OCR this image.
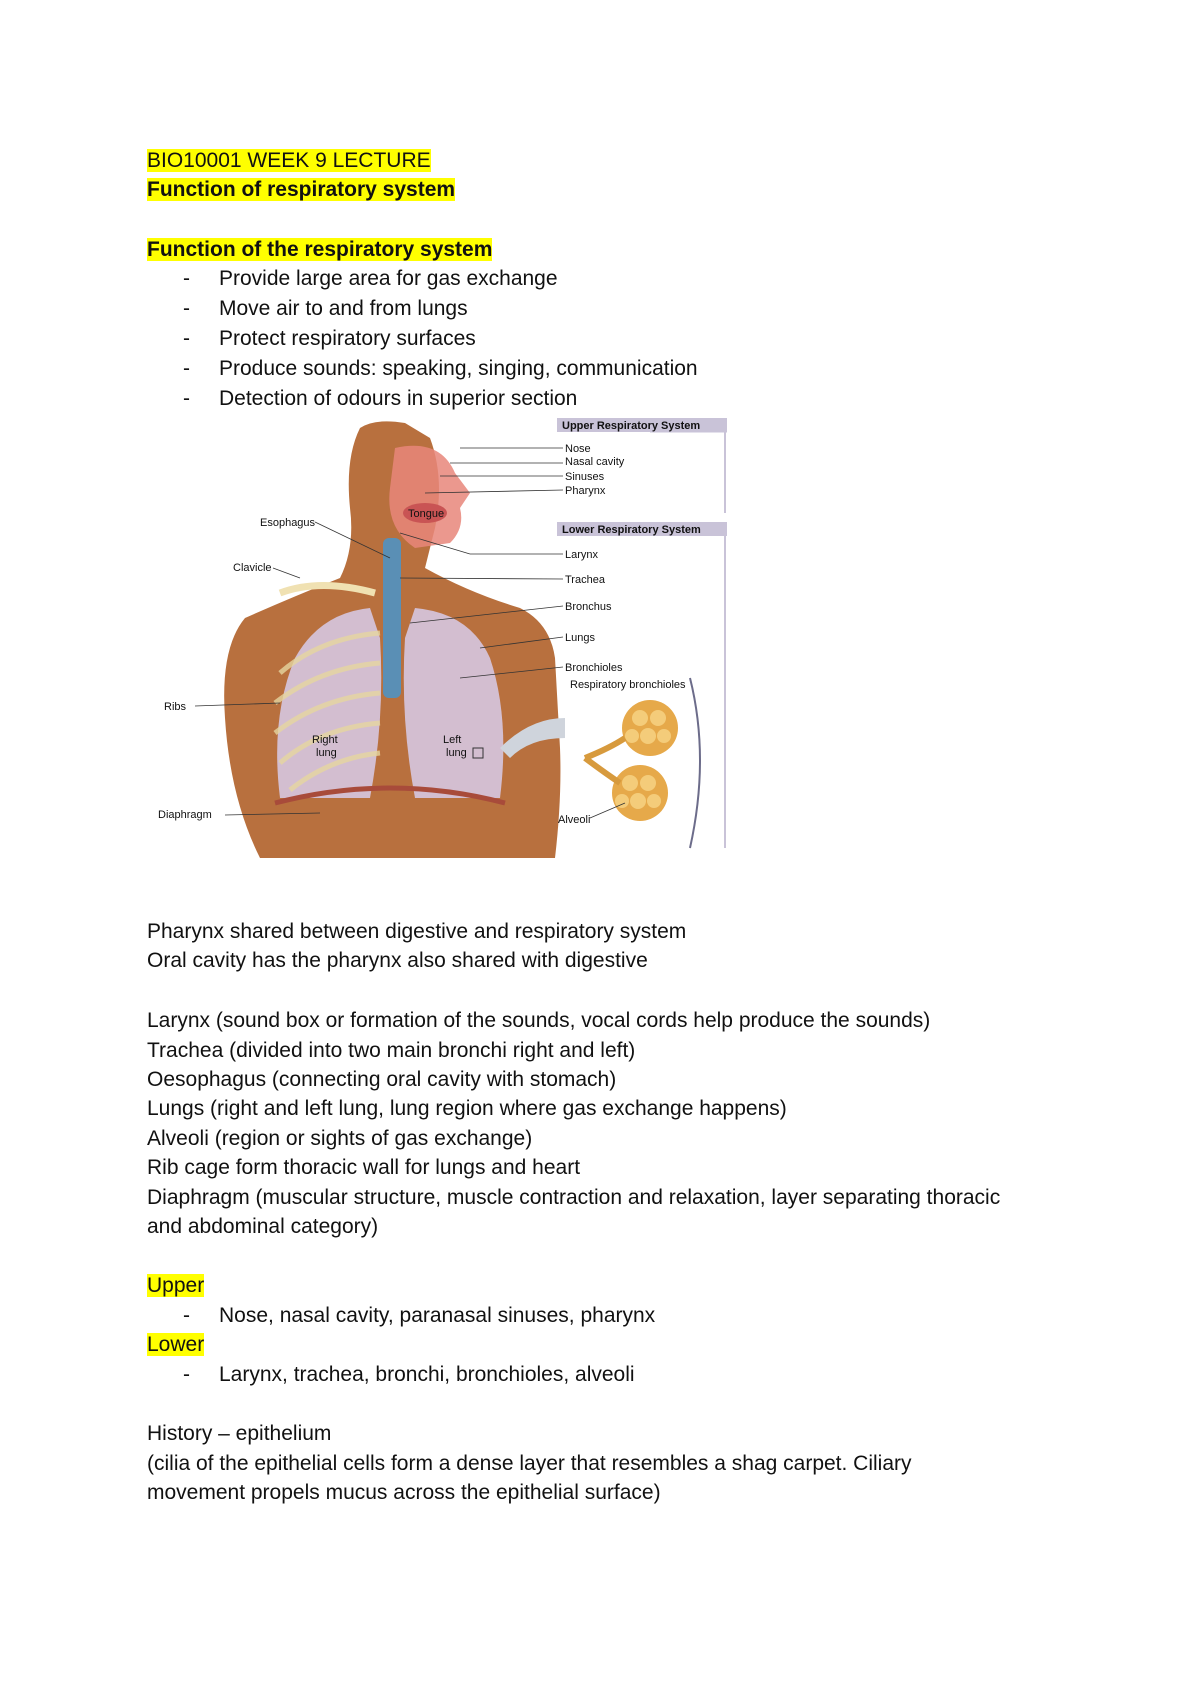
BIO10001 WEEK 9 LECTURE
Function of respiratory system
Function of the respiratory system
- Provide large area for gas exchange
- Move air to and from lungs
- Protect respiratory surfaces
- Produce sounds: speaking, singing, communication
- Detection of odours in superior section
Upper Respiratory System
Nose
Nasal cavity
Sinuses
Pharynx
Lower Respiratory System
Larynx
Trachea
Bronchus
Lungs
Bronchioles
Respiratory bronchioles
Alveoli
Esophagus
Clavicle
Ribs
Diaphragm
Tongue
Right
lung
Left
lung
Pharynx shared between digestive and respiratory system
Oral cavity has the pharynx also shared with digestive
Larynx (sound box or formation of the sounds, vocal cords help produce the sounds)
Trachea (divided into two main bronchi right and left)
Oesophagus (connecting oral cavity with stomach)
Lungs (right and left lung, lung region where gas exchange happens)
Alveoli (region or sights of gas exchange)
Rib cage form thoracic wall for lungs and heart
Diaphragm (muscular structure, muscle contraction and relaxation, layer separating thoracic
and abdominal category)
Upper
- Nose, nasal cavity, paranasal sinuses, pharynx
Lower
- Larynx, trachea, bronchi, bronchioles, alveoli
History – epithelium
(cilia of the epithelial cells form a dense layer that resembles a shag carpet. Ciliary
movement propels mucus across the epithelial surface)
